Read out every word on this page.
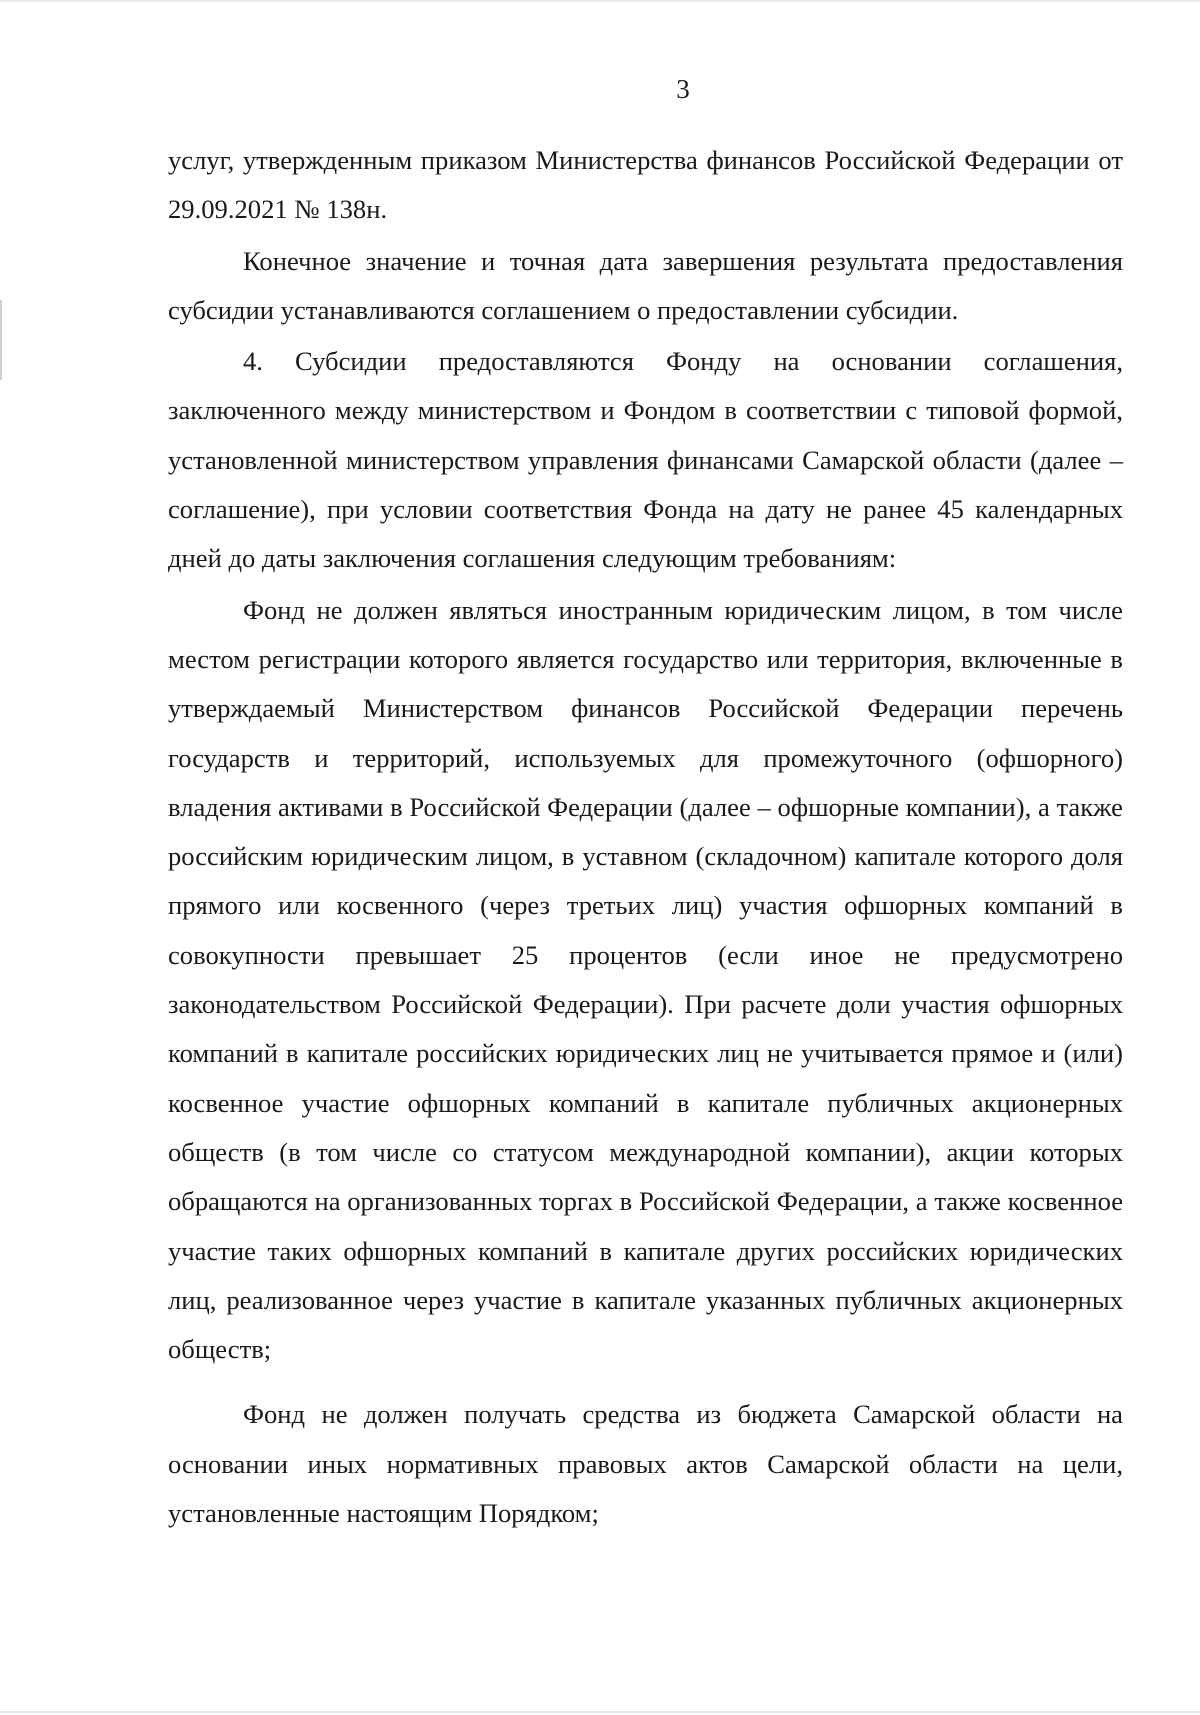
3

услуг, утвержденным приказом Министерства финансов Российской Федерации от 29.09.2021 № 138н.

Конечное значение и точная дата завершения результата предоставления субсидии устанавливаются соглашением о предоставлении субсидии.

4. Субсидии предоставляются Фонду на основании соглашения, заключенного между министерством и Фондом в соответствии с типовой формой, установленной министерством управления финансами Самарской области (далее – соглашение), при условии соответствия Фонда на дату не ранее 45 календарных дней до даты заключения соглашения следующим требованиям:

Фонд не должен являться иностранным юридическим лицом, в том числе местом регистрации которого является государство или территория, включенные в утверждаемый Министерством финансов Российской Федерации перечень государств и территорий, используемых для промежуточного (офшорного) владения активами в Российской Федерации (далее – офшорные компании), а также российским юридическим лицом, в уставном (складочном) капитале которого доля прямого или косвенного (через третьих лиц) участия офшорных компаний в совокупности превышает 25 процентов (если иное не предусмотрено законодательством Российской Федерации). При расчете доли участия офшорных компаний в капитале российских юридических лиц не учитывается прямое и (или) косвенное участие офшорных компаний в капитале публичных акционерных обществ (в том числе со статусом международной компании), акции которых обращаются на организованных торгах в Российской Федерации, а также косвенное участие таких офшорных компаний в капитале других российских юридических лиц, реализованное через участие в капитале указанных публичных акционерных обществ;

Фонд не должен получать средства из бюджета Самарской области на основании иных нормативных правовых актов Самарской области на цели, установленные настоящим Порядком;
